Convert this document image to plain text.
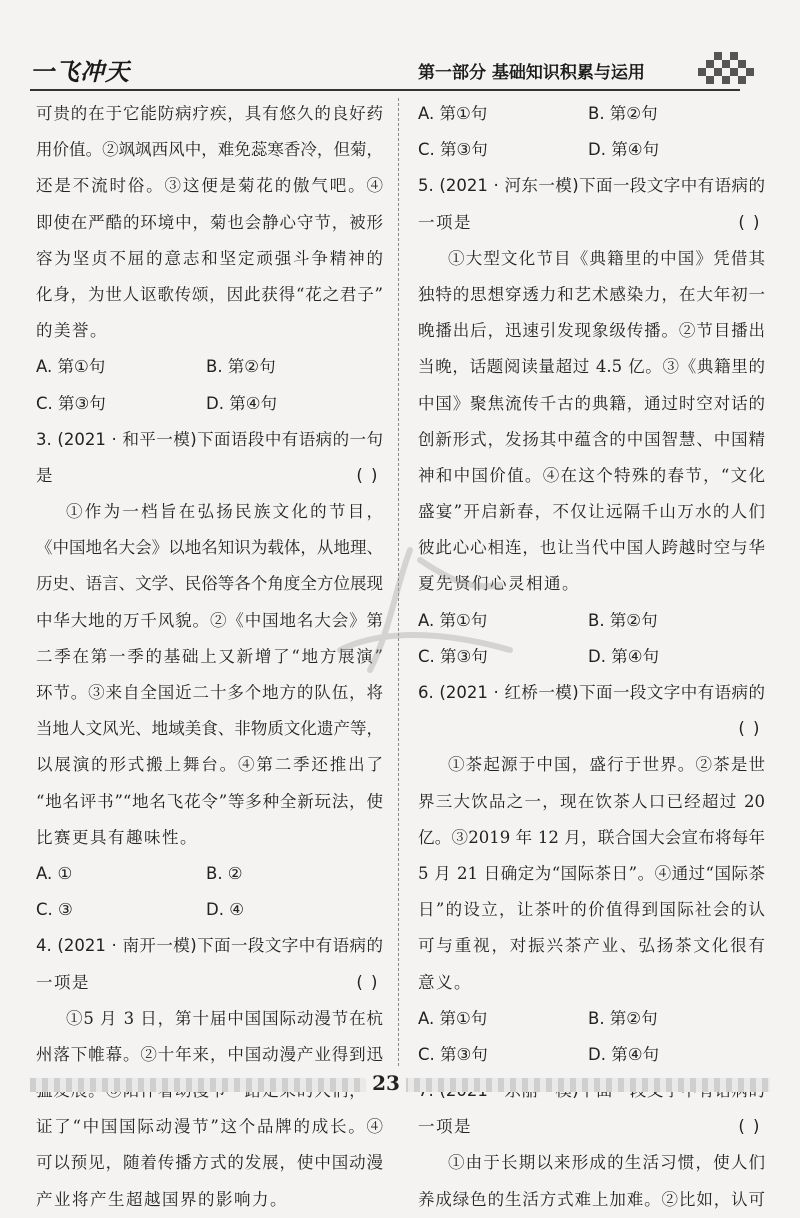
一飞冲天	第一部分 基础知识积累与运用
可贵的在于它能防病疗疾，具有悠久的良好药
用价值。②飒飒西风中，难免蕊寒香冷，但菊，
还是不流时俗。③这便是菊花的傲气吧。④
即使在严酷的环境中，菊也会静心守节，被形
容为坚贞不屈的意志和坚定顽强斗争精神的
化身，为世人讴歌传颂，因此获得“花之君子”
的美誉。
A. 第①句	B. 第②句
C. 第③句	D. 第④句
3. (2021 · 和平一模)下面语段中有语病的一句
是	( )
①作为一档旨在弘扬民族文化的节目，
《中国地名大会》以地名知识为载体，从地理、
历史、语言、文学、民俗等各个角度全方位展现
中华大地的万千风貌。②《中国地名大会》第
二季在第一季的基础上又新增了“地方展演”
环节。③来自全国近二十多个地方的队伍，将
当地人文风光、地域美食、非物质文化遗产等，
以展演的形式搬上舞台。④第二季还推出了
“地名评书”“地名飞花令”等多种全新玩法，使
比赛更具有趣味性。
A. ①	B. ②
C. ③	D. ④
4. (2021 · 南开一模)下面一段文字中有语病的
一项是	( )
①5 月 3 日，第十届中国国际动漫节在杭
州落下帷幕。②十年来，中国动漫产业得到迅
证了“中国国际动漫节”这个品牌的成长。④
可以预见，随着传播方式的发展，使中国动漫
产业将产生超越国界的影响力。
A. 第①句	B. 第②句
C. 第③句	D. 第④句
5. (2021 · 河东一模)下面一段文字中有语病的
一项是	( )
①大型文化节目《典籍里的中国》凭借其
独特的思想穿透力和艺术感染力，在大年初一
晚播出后，迅速引发现象级传播。②节目播出
当晚，话题阅读量超过 4.5 亿。③《典籍里的
中国》聚焦流传千古的典籍，通过时空对话的
创新形式，发扬其中蕴含的中国智慧、中国精
神和中国价值。④在这个特殊的春节，“文化
盛宴”开启新春，不仅让远隔千山万水的人们
彼此心心相连，也让当代中国人跨越时空与华
夏先贤们心灵相通。
A. 第①句	B. 第②句
C. 第③句	D. 第④句
6. (2021 · 红桥一模)下面一段文字中有语病的
( )
①茶起源于中国，盛行于世界。②茶是世
界三大饮品之一，现在饮茶人口已经超过 20
亿。③2019 年 12 月，联合国大会宣布将每年
5 月 21 日确定为“国际茶日”。④通过“国际茶
日”的设立，让茶叶的价值得到国际社会的认
可与重视，对振兴茶产业、弘扬茶文化很有
意义。
A. 第①句	B. 第②句
C. 第③句	D. 第④句
一项是	( )
①由于长期以来形成的生活习惯，使人们
养成绿色的生活方式难上加难。②比如，认可
23
